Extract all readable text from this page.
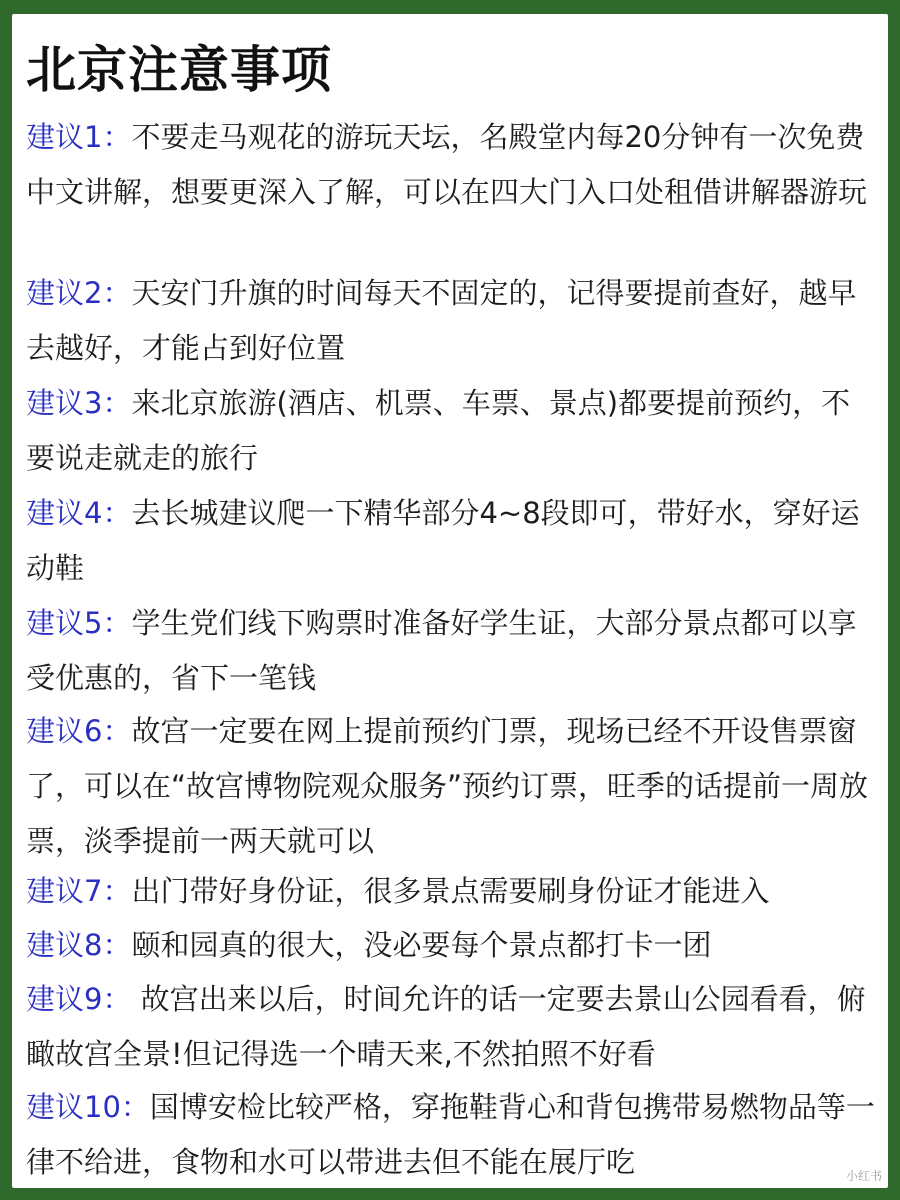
北京注意事项
建议1：不要走马观花的游玩天坛，名殿堂内每20分钟有一次免费中文讲解，想要更深入了解，可以在四大门入口处租借讲解器游玩
建议2：天安门升旗的时间每天不固定的，记得要提前查好，越早去越好，才能占到好位置
建议3：来北京旅游(酒店、机票、车票、景点)都要提前预约，不要说走就走的旅行
建议4：去长城建议爬一下精华部分4~8段即可，带好水，穿好运动鞋
建议5：学生党们线下购票时准备好学生证，大部分景点都可以享受优惠的，省下一笔钱
建议6：故宫一定要在网上提前预约门票，现场已经不开设售票窗了，可以在“故宫博物院观众服务”预约订票，旺季的话提前一周放票，淡季提前一两天就可以
建议7：出门带好身份证，很多景点需要刷身份证才能进入
建议8：颐和园真的很大，没必要每个景点都打卡一团
建议9： 故宫出来以后，时间允许的话一定要去景山公园看看，俯瞰故宫全景!但记得选一个晴天来,不然拍照不好看
建议10：国博安检比较严格，穿拖鞋背心和背包携带易燃物品等一律不给进，食物和水可以带进去但不能在展厅吃	小红书
